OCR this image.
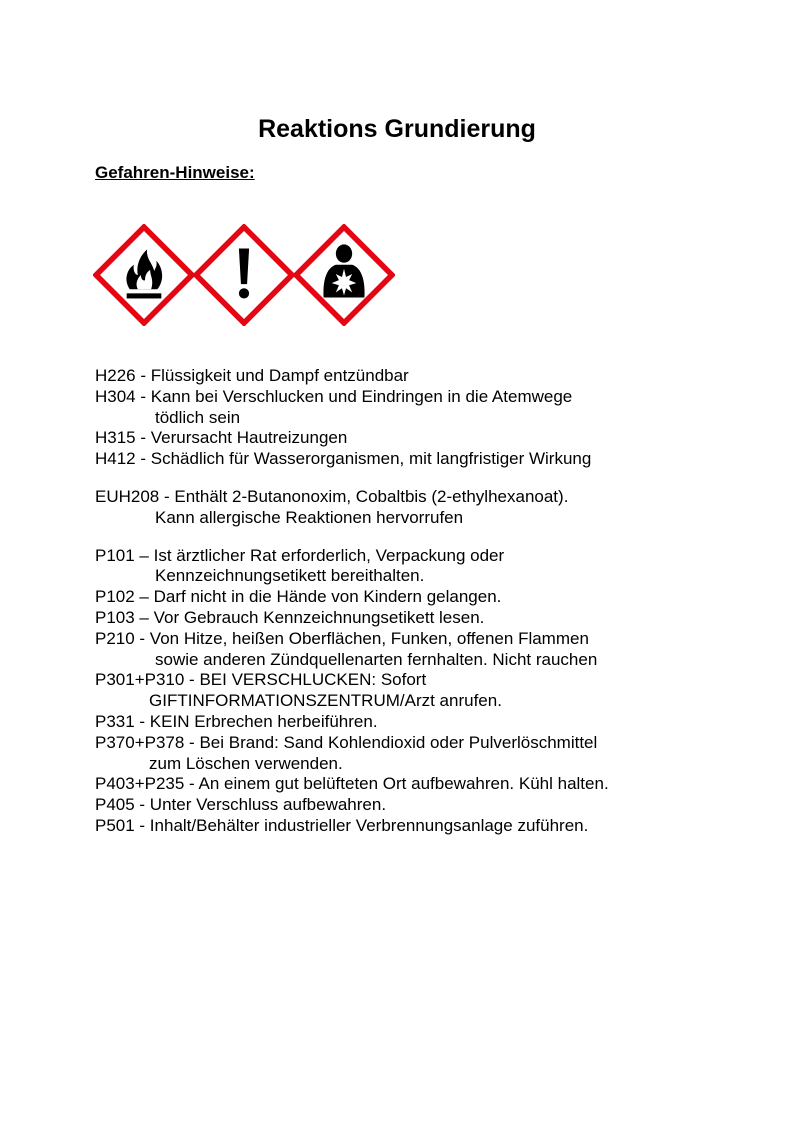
Reaktions Grundierung
Gefahren-Hinweise:
H226 - Flüssigkeit und Dampf entzündbar
H304 - Kann bei Verschlucken und Eindringen in die Atemwege
tödlich sein
H315 - Verursacht Hautreizungen
H412 - Schädlich für Wasserorganismen, mit langfristiger Wirkung
EUH208 - Enthält 2-Butanonoxim, Cobaltbis (2-ethylhexanoat).
Kann allergische Reaktionen hervorrufen
P101 – Ist ärztlicher Rat erforderlich, Verpackung oder
Kennzeichnungsetikett bereithalten.
P102 – Darf nicht in die Hände von Kindern gelangen.
P103 – Vor Gebrauch Kennzeichnungsetikett lesen.
P210 - Von Hitze, heißen Oberflächen, Funken, offenen Flammen
sowie anderen Zündquellenarten fernhalten. Nicht rauchen
P301+P310 - BEI VERSCHLUCKEN: Sofort
GIFTINFORMATIONSZENTRUM/Arzt anrufen.
P331 - KEIN Erbrechen herbeiführen.
P370+P378 - Bei Brand: Sand Kohlendioxid oder Pulverlöschmittel
zum Löschen verwenden.
P403+P235 - An einem gut belüfteten Ort aufbewahren. Kühl halten.
P405 - Unter Verschluss aufbewahren.
P501 - Inhalt/Behälter industrieller Verbrennungsanlage zuführen.
